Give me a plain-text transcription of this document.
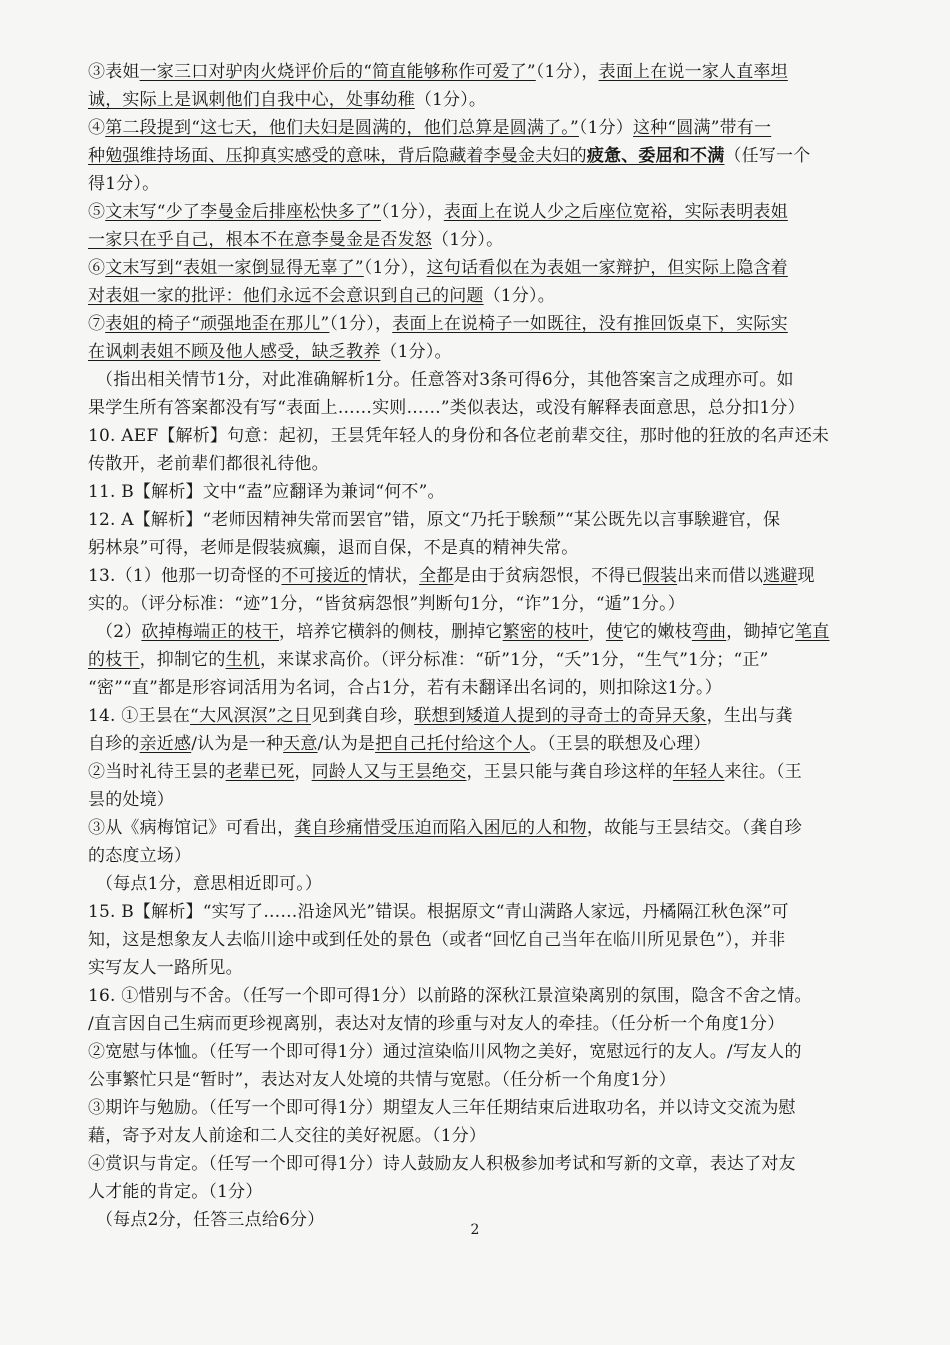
③表姐一家三口对驴肉火烧评价后的“简直能够称作可爱了”（1分），表面上在说一家人直率坦
诚，实际上是讽刺他们自我中心，处事幼稚（1分）。
④第二段提到“这七天，他们夫妇是圆满的，他们总算是圆满了。”（1分）这种“圆满”带有一
种勉强维持场面、压抑真实感受的意味，背后隐藏着李曼金夫妇的疲惫、委屈和不满（任写一个
得1分）。
⑤文末写“少了李曼金后排座松快多了”（1分），表面上在说人少之后座位宽裕，实际表明表姐
一家只在乎自己，根本不在意李曼金是否发怒（1分）。
⑥文末写到“表姐一家倒显得无辜了”（1分），这句话看似在为表姐一家辩护，但实际上隐含着
对表姐一家的批评：他们永远不会意识到自己的问题（1分）。
⑦表姐的椅子“顽强地歪在那儿”（1分），表面上在说椅子一如既往，没有推回饭桌下，实际实
在讽刺表姐不顾及他人感受，缺乏教养（1分）。
（指出相关情节1分，对此准确解析1分。任意答对3条可得6分，其他答案言之成理亦可。如
果学生所有答案都没有写“表面上……实则……”类似表达，或没有解释表面意思，总分扣1分）
10. AEF【解析】句意：起初，王昙凭年轻人的身份和各位老前辈交往，那时他的狂放的名声还未
传散开，老前辈们都很礼待他。
11. B【解析】文中“盍”应翻译为兼词“何不”。
12. A【解析】“老师因精神失常而罢官”错，原文“乃托于騃颓”“某公既先以言事騃避官，保
躬林泉”可得，老师是假装疯癫，退而自保，不是真的精神失常。
13.（1）他那一切奇怪的不可接近的情状，全都是由于贫病怨恨，不得已假装出来而借以逃避现
实的。（评分标准：“迹”1分，“皆贫病怨恨”判断句1分，“诈”1分，“遁”1分。）
（2）砍掉梅端正的枝干，培养它横斜的侧枝，删掉它繁密的枝叶，使它的嫩枝弯曲，锄掉它笔直
的枝干，抑制它的生机，来谋求高价。（评分标准：“斫”1分，“夭”1分，“生气”1分；“正”
“密”“直”都是形容词活用为名词，合占1分，若有未翻译出名词的，则扣除这1分。）
14. ①王昙在“大风溟溟”之日见到龚自珍，联想到矮道人提到的寻奇士的奇异天象，生出与龚
自珍的亲近感/认为是一种天意/认为是把自己托付给这个人。（王昙的联想及心理）
②当时礼待王昙的老辈已死，同龄人又与王昙绝交，王昙只能与龚自珍这样的年轻人来往。（王
昙的处境）
③从《病梅馆记》可看出，龚自珍痛惜受压迫而陷入困厄的人和物，故能与王昙结交。（龚自珍
的态度立场）
（每点1分，意思相近即可。）
15. B【解析】“实写了……沿途风光”错误。根据原文“青山满路人家远，丹橘隔江秋色深”可
知，这是想象友人去临川途中或到任处的景色（或者“回忆自己当年在临川所见景色”），并非
实写友人一路所见。
16. ①惜别与不舍。（任写一个即可得1分）以前路的深秋江景渲染离别的氛围，隐含不舍之情。
/直言因自己生病而更珍视离别，表达对友情的珍重与对友人的牵挂。（任分析一个角度1分）
②宽慰与体恤。（任写一个即可得1分）通过渲染临川风物之美好，宽慰远行的友人。/写友人的
公事繁忙只是“暂时”，表达对友人处境的共情与宽慰。（任分析一个角度1分）
③期许与勉励。（任写一个即可得1分）期望友人三年任期结束后进取功名，并以诗文交流为慰
藉，寄予对友人前途和二人交往的美好祝愿。（1分）
④赏识与肯定。（任写一个即可得1分）诗人鼓励友人积极参加考试和写新的文章，表达了对友
人才能的肯定。（1分）
（每点2分，任答三点给6分）	2
